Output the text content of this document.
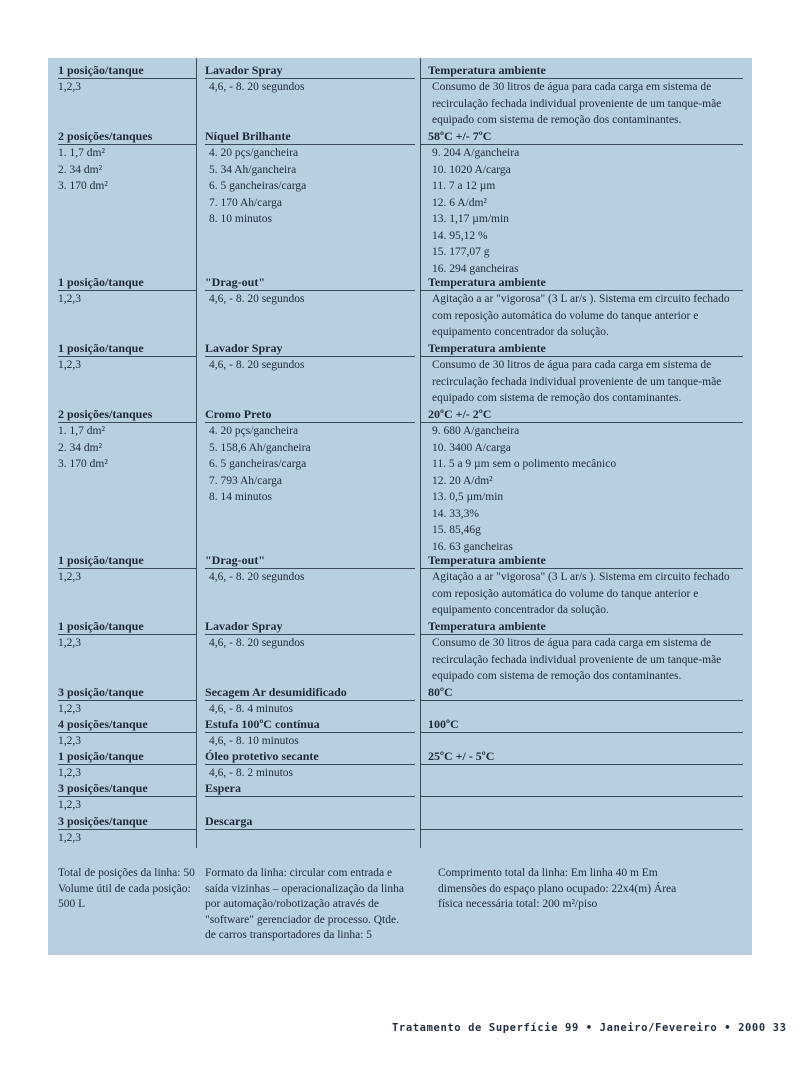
1 posição/tanque
1,2,3
Lavador Spray
4,6, - 8. 20 segundos
Temperatura ambiente
Consumo de 30 litros de água para cada carga em sistema de recirculação fechada individual proveniente de um tanque-mãe equipado com sistema de remoção dos contaminantes.
2 posições/tanques
1. 1,7 dm²
2. 34 dm²
3. 170 dm²
Níquel Brilhante
4. 20 pçs/gancheira
5. 34 Ah/gancheira
6. 5 gancheiras/carga
7. 170 Ah/carga
8. 10 minutos
58ºC +/- 7ºC
9. 204 A/gancheira
10. 1020 A/carga
11. 7 a 12 µm
12. 6 A/dm²
13. 1,17 µm/min
14. 95,12 %
15. 177,07 g
16. 294 gancheiras
1 posição/tanque
1,2,3
"Drag-out"
4,6, - 8. 20 segundos
Temperatura ambiente
Agitação a ar "vigorosa" (3 L ar/s ). Sistema em circuito fechado com reposição automática do volume do tanque anterior e equipamento concentrador da solução.
1 posição/tanque
1,2,3
Lavador Spray
4,6, - 8. 20 segundos
Temperatura ambiente
Consumo de 30 litros de água para cada carga em sistema de recirculação fechada individual proveniente de um tanque-mãe equipado com sistema de remoção dos contaminantes.
2 posições/tanques
1. 1,7 dm²
2. 34 dm²
3. 170 dm²
Cromo Preto
4. 20 pçs/gancheira
5. 158,6 Ah/gancheira
6. 5 gancheiras/carga
7. 793 Ah/carga
8. 14 minutos
20ºC +/- 2ºC
9. 680 A/gancheira
10. 3400 A/carga
11. 5 a 9 µm sem o polimento mecânico
12. 20 A/dm²
13. 0,5 µm/min
14. 33,3%
15. 85,46g
16. 63 gancheiras
1 posição/tanque
1,2,3
"Drag-out"
4,6, - 8. 20 segundos
Temperatura ambiente
Agitação a ar "vigorosa" (3 L ar/s ). Sistema em circuito fechado com reposição automática do volume do tanque anterior e equipamento concentrador da solução.
1 posição/tanque
1,2,3
Lavador Spray
4,6, - 8. 20 segundos
Temperatura ambiente
Consumo de 30 litros de água para cada carga em sistema de recirculação fechada individual proveniente de um tanque-mãe equipado com sistema de remoção dos contaminantes.
3 posição/tanque
1,2,3
Secagem Ar desumidificado
4,6, - 8. 4 minutos
80ºC
4 posições/tanque
1,2,3
Estufa 100ºC contínua
4,6, - 8. 10 minutos
100ºC
1 posição/tanque
1,2,3
Óleo protetivo secante
4,6, - 8. 2 minutos
25ºC +/ - 5ºC
3 posições/tanque
1,2,3
Espera
3 posições/tanque
1,2,3
Descarga
Total de posições da linha: 50 Volume útil de cada posição: 500 L
Formato da linha: circular com entrada e saída vizinhas – operacionalização da linha por automação/robotização através de "software" gerenciador de processo. Qtde. de carros transportadores da linha: 5
Comprimento total da linha: Em linha 40 m Em dimensões do espaço plano ocupado: 22x4(m) Área física necessária total: 200 m²/piso
Tratamento de Superfície 99 • Janeiro/Fevereiro • 2000 33
